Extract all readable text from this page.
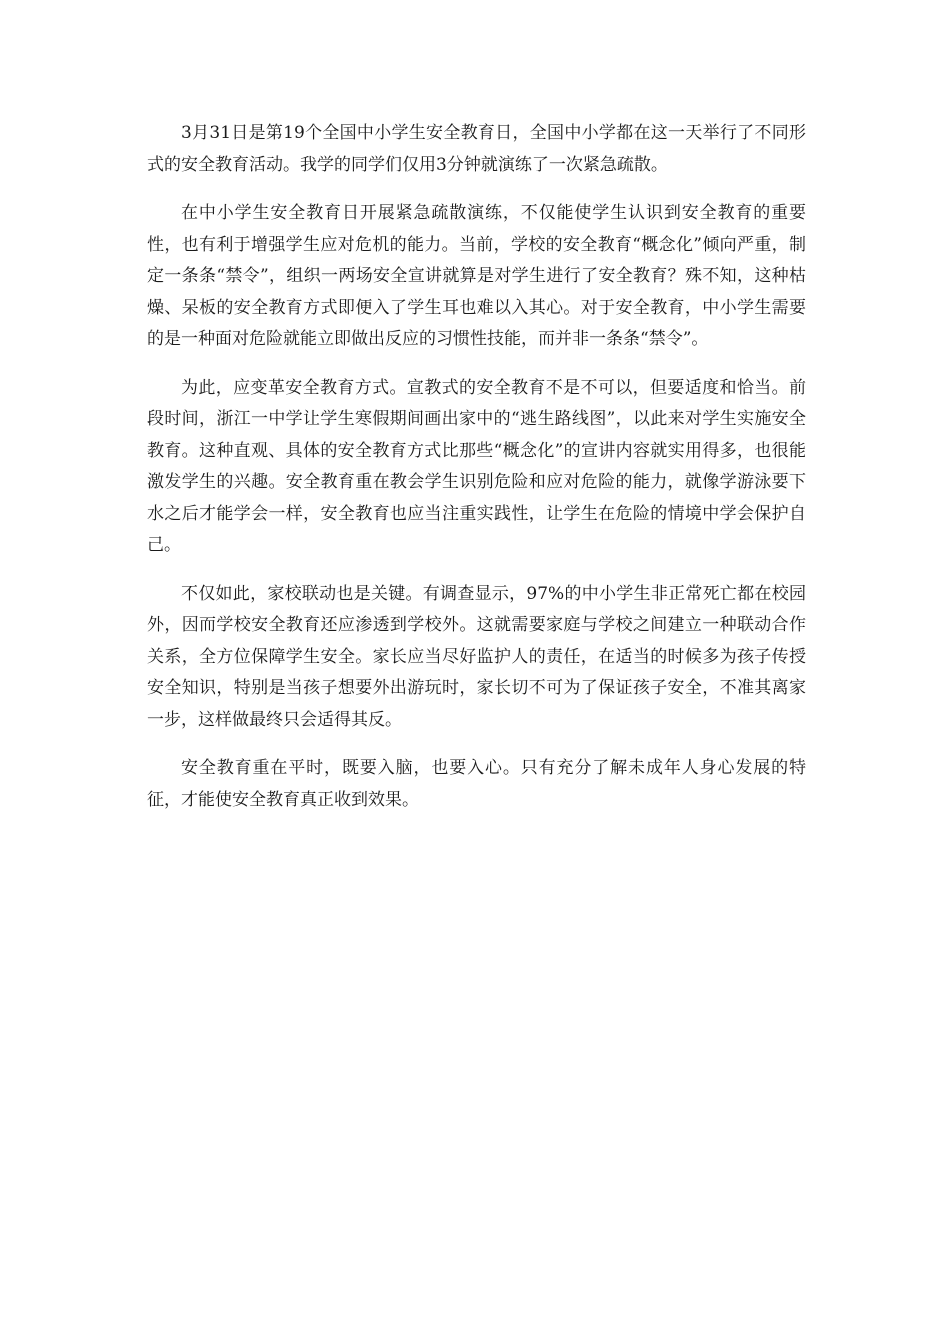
3月31日是第19个全国中小学生安全教育日，全国中小学都在这一天举行了不同形式的安全教育活动。我学的同学们仅用3分钟就演练了一次紧急疏散。

在中小学生安全教育日开展紧急疏散演练，不仅能使学生认识到安全教育的重要性，也有利于增强学生应对危机的能力。当前，学校的安全教育“概念化”倾向严重，制定一条条“禁令”，组织一两场安全宣讲就算是对学生进行了安全教育？殊不知，这种枯燥、呆板的安全教育方式即便入了学生耳也难以入其心。对于安全教育，中小学生需要的是一种面对危险就能立即做出反应的习惯性技能，而并非一条条“禁令”。

为此，应变革安全教育方式。宣教式的安全教育不是不可以，但要适度和恰当。前段时间，浙江一中学让学生寒假期间画出家中的“逃生路线图”，以此来对学生实施安全教育。这种直观、具体的安全教育方式比那些“概念化”的宣讲内容就实用得多，也很能激发学生的兴趣。安全教育重在教会学生识别危险和应对危险的能力，就像学游泳要下水之后才能学会一样，安全教育也应当注重实践性，让学生在危险的情境中学会保护自己。

不仅如此，家校联动也是关键。有调查显示，97%的中小学生非正常死亡都在校园外，因而学校安全教育还应渗透到学校外。这就需要家庭与学校之间建立一种联动合作关系，全方位保障学生安全。家长应当尽好监护人的责任，在适当的时候多为孩子传授安全知识，特别是当孩子想要外出游玩时，家长切不可为了保证孩子安全，不准其离家一步，这样做最终只会适得其反。

安全教育重在平时，既要入脑，也要入心。只有充分了解未成年人身心发展的特征，才能使安全教育真正收到效果。
